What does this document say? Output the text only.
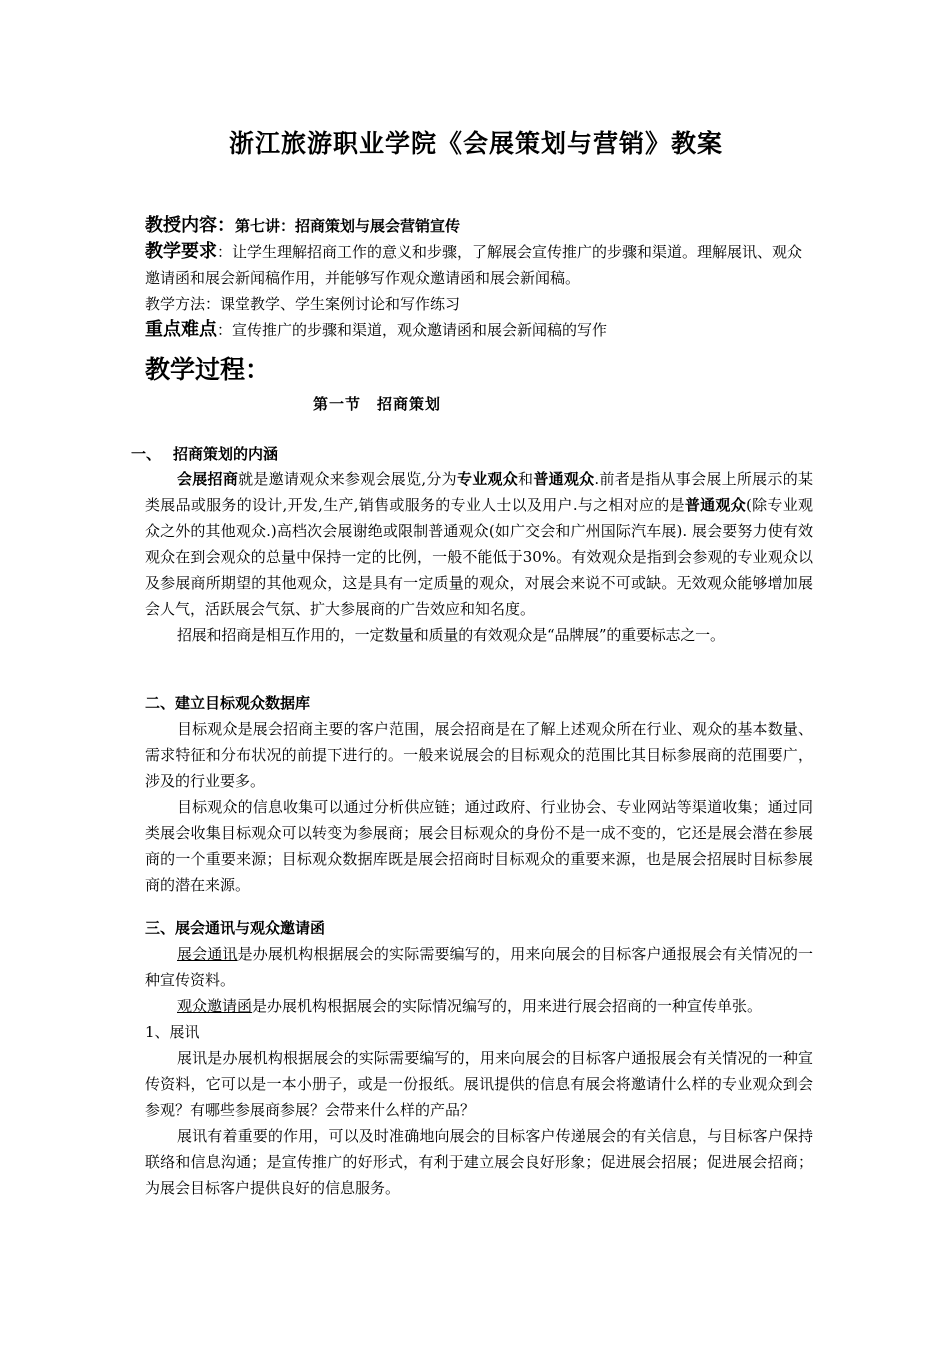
浙江旅游职业学院《会展策划与营销》教案
教授内容：第七讲：招商策划与展会营销宣传
教学要求：让学生理解招商工作的意义和步骤，了解展会宣传推广的步骤和渠道。理解展讯、观众邀请函和展会新闻稿作用，并能够写作观众邀请函和展会新闻稿。
教学方法：课堂教学、学生案例讨论和写作练习
重点难点：宣传推广的步骤和渠道，观众邀请函和展会新闻稿的写作
教学过程：
第一节　招商策划
一、 招商策划的内涵
会展招商就是邀请观众来参观会展览,分为专业观众和普通观众.前者是指从事会展上所展示的某类展品或服务的设计,开发,生产,销售或服务的专业人士以及用户.与之相对应的是普通观众(除专业观众之外的其他观众.)高档次会展谢绝或限制普通观众(如广交会和广州国际汽车展). 展会要努力使有效观众在到会观众的总量中保持一定的比例，一般不能低于30%。有效观众是指到会参观的专业观众以及参展商所期望的其他观众，这是具有一定质量的观众，对展会来说不可或缺。无效观众能够增加展会人气，活跃展会气氛、扩大参展商的广告效应和知名度。
招展和招商是相互作用的，一定数量和质量的有效观众是“品牌展”的重要标志之一。
二、建立目标观众数据库
目标观众是展会招商主要的客户范围，展会招商是在了解上述观众所在行业、观众的基本数量、需求特征和分布状况的前提下进行的。一般来说展会的目标观众的范围比其目标参展商的范围要广，涉及的行业要多。
目标观众的信息收集可以通过分析供应链；通过政府、行业协会、专业网站等渠道收集；通过同类展会收集目标观众可以转变为参展商；展会目标观众的身份不是一成不变的，它还是展会潜在参展商的一个重要来源；目标观众数据库既是展会招商时目标观众的重要来源，也是展会招展时目标参展商的潜在来源。
三、展会通讯与观众邀请函
展会通讯是办展机构根据展会的实际需要编写的，用来向展会的目标客户通报展会有关情况的一种宣传资料。
观众邀请函是办展机构根据展会的实际情况编写的，用来进行展会招商的一种宣传单张。
1、展讯
展讯是办展机构根据展会的实际需要编写的，用来向展会的目标客户通报展会有关情况的一种宣传资料，它可以是一本小册子，或是一份报纸。展讯提供的信息有展会将邀请什么样的专业观众到会参观？有哪些参展商参展？会带来什么样的产品？
展讯有着重要的作用，可以及时准确地向展会的目标客户传递展会的有关信息，与目标客户保持联络和信息沟通；是宣传推广的好形式，有利于建立展会良好形象；促进展会招展；促进展会招商；为展会目标客户提供良好的信息服务。
